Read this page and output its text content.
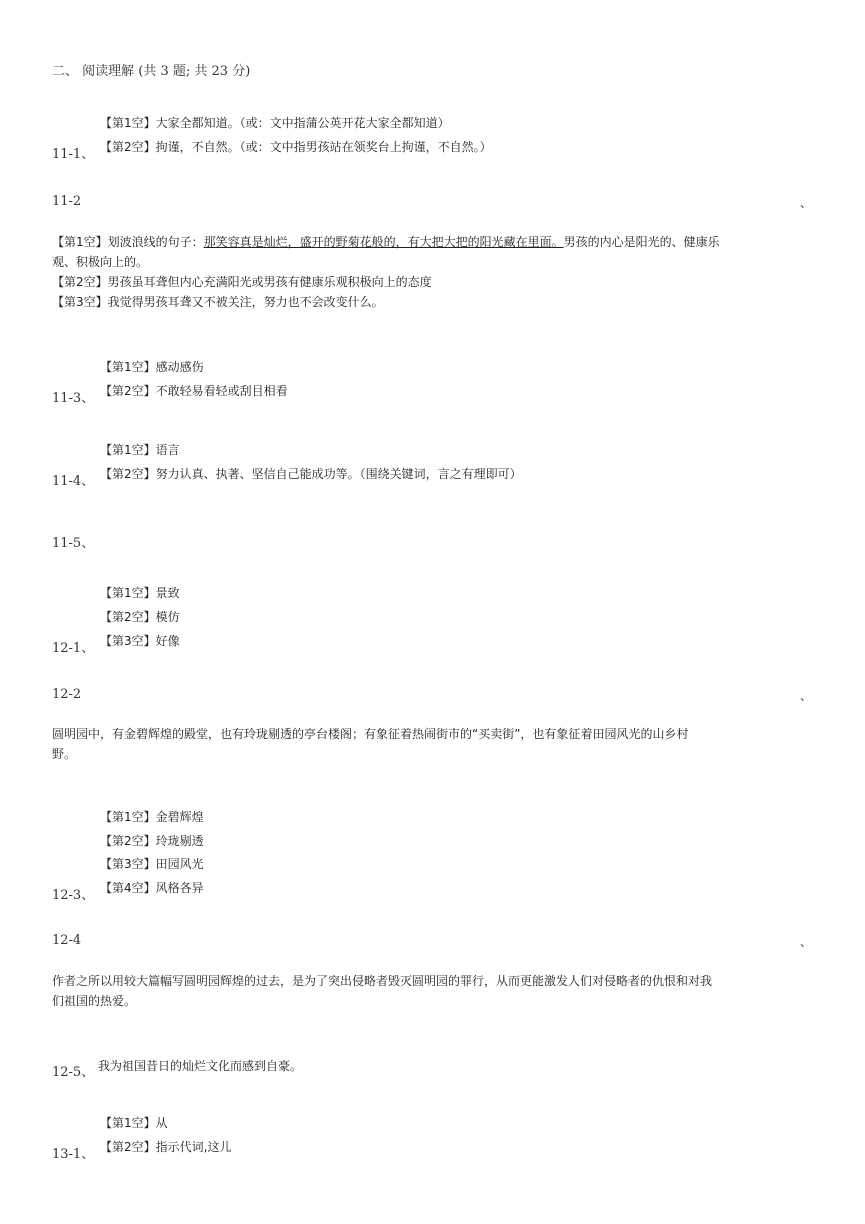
二、 阅读理解 (共 3 题; 共 23 分)
【第1空】大家全都知道。（或：文中指蒲公英开花大家全都知道）
【第2空】拘谨，不自然。（或：文中指男孩站在领奖台上拘谨，不自然。）
11-1、
11-2	、
【第1空】划波浪线的句子：那笑容真是灿烂，盛开的野菊花般的，有大把大把的阳光藏在里面。男孩的内心是阳光的、健康乐
观、积极向上的。
【第2空】男孩虽耳聋但内心充满阳光或男孩有健康乐观积极向上的态度
【第3空】我觉得男孩耳聋又不被关注，努力也不会改变什么。
【第1空】感动感伤
【第2空】不敢轻易看轻或刮目相看
11-3、
【第1空】语言
【第2空】努力认真、执著、坚信自己能成功等。（围绕关键词，言之有理即可）
11-4、
11-5、
【第1空】景致
【第2空】模仿
【第3空】好像
12-1、
12-2	、
圆明园中，有金碧辉煌的殿堂，也有玲珑剔透的亭台楼阁；有象征着热闹街市的“买卖街”，也有象征着田园风光的山乡村
野。
【第1空】金碧辉煌
【第2空】玲珑剔透
【第3空】田园风光
【第4空】风格各异
12-3、
12-4	、
作者之所以用较大篇幅写圆明园辉煌的过去，是为了突出侵略者毁灭圆明园的罪行，从而更能激发人们对侵略者的仇恨和对我
们祖国的热爱。
12-5、 我为祖国昔日的灿烂文化而感到自豪。
【第1空】从
【第2空】指示代词,这儿
13-1、
